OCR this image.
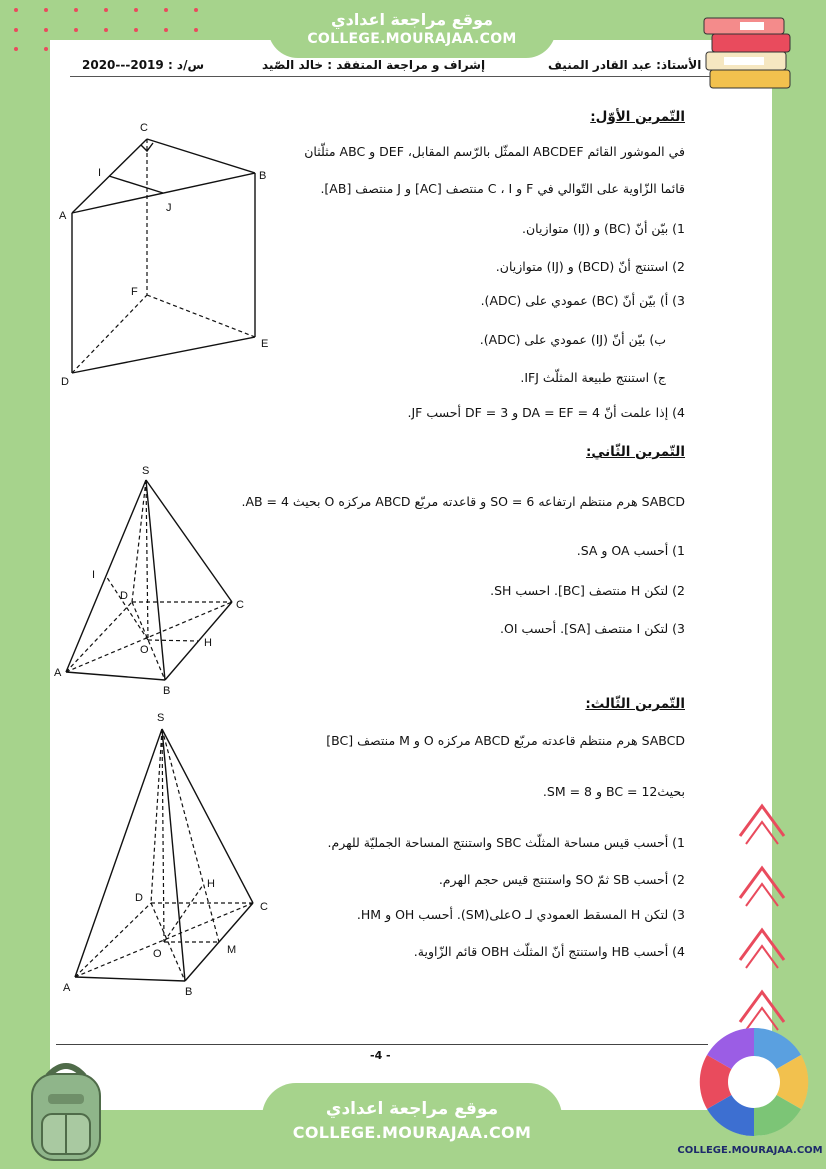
موقع مراجعة اعدادي
COLLEGE.MOURAJAA.COM
س/د : 2019---2020	إشراف و مراجعة المتفقد : خالد الصّيد	الأستاذ: عبد القادر المنيف
التّمرين الأوّل:
في الموشور القائم ABCDEF الممثّل بالرّسم المقابل، DEF و ABC مثلّثان
قائما الزّاوية على التّوالي في F و C ، I منتصف [AC] و J منتصف [AB].
1) بيّن أنّ (BC) و (IJ) متوازيان.
2) استنتج أنّ (BCD) و (IJ) متوازيان.
3) أ) بيّن أنّ (BC) عمودي على (ADC).
ب) بيّن أنّ (IJ) عمودي على (ADC).
ج) استنتج طبيعة المثلّث IFJ.
4) إذا علمت أنّ DA = EF = 4 و DF = 3 أحسب JF.
C
B
A
I
J
F
E
D
التّمرين الثّاني:
SABCD هرم منتظم ارتفاعه SO = 6 و قاعدته مربّع ABCD مركزه O بحيث AB = 4.
1) أحسب OA و SA.
2) لتكن H منتصف [BC]. احسب SH.
3) لتكن I منتصف [SA]. أحسب OI.
S
I
D
C
O
H
A
B
التّمرين الثّالث:
SABCD هرم منتظم قاعدته مربّع ABCD مركزه O و M منتصف [BC]
بحيث12 = BC و SM = 8.
1) أحسب قيس مساحة المثلّث SBC واستنتج المساحة الجمليّة للهرم.
2) أحسب SB ثمّ SO واستنتج قيس حجم الهرم.
3) لتكن H المسقط العمودي لـ Oعلى(SM). أحسب OH و HM.
4) أحسب HB واستنتج أنّ المثلّث OBH قائم الزّاوية.
S
H
D
C
O	M
A	B
-4 -
موقع مراجعة اعدادي
COLLEGE.MOURAJAA.COM
COLLEGE.MOURAJAA.COM
